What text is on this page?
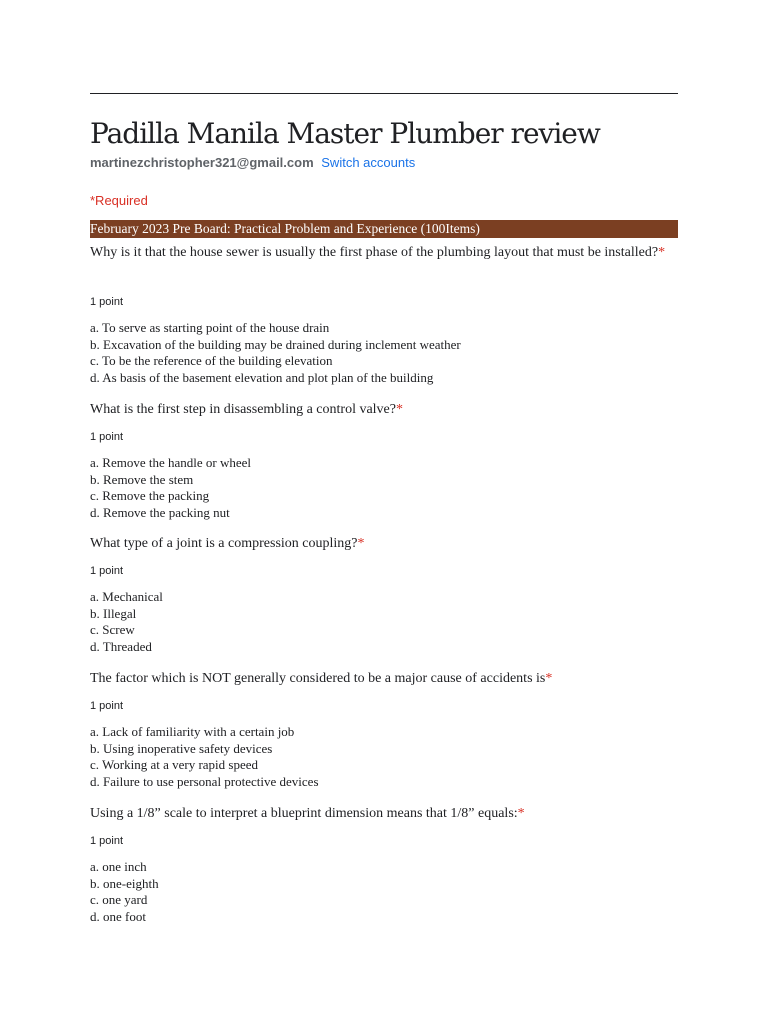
Padilla Manila Master Plumber review
martinezchristopher321@gmail.com Switch accounts
*Required
February 2023 Pre Board: Practical Problem and Experience (100Items)
Why is it that the house sewer is usually the first phase of the plumbing layout that must be installed?*
1 point
a. To serve as starting point of the house drain
b. Excavation of the building may be drained during inclement weather
c. To be the reference of the building elevation
d. As basis of the basement elevation and plot plan of the building
What is the first step in disassembling a control valve?*
1 point
a. Remove the handle or wheel
b. Remove the stem
c. Remove the packing
d. Remove the packing nut
What type of a joint is a compression coupling?*
1 point
a. Mechanical
b. Illegal
c. Screw
d. Threaded
The factor which is NOT generally considered to be a major cause of accidents is*
1 point
a. Lack of familiarity with a certain job
b. Using inoperative safety devices
c. Working at a very rapid speed
d. Failure to use personal protective devices
Using a 1/8” scale to interpret a blueprint dimension means that 1/8” equals:*
1 point
a. one inch
b. one-eighth
c. one yard
d. one foot
